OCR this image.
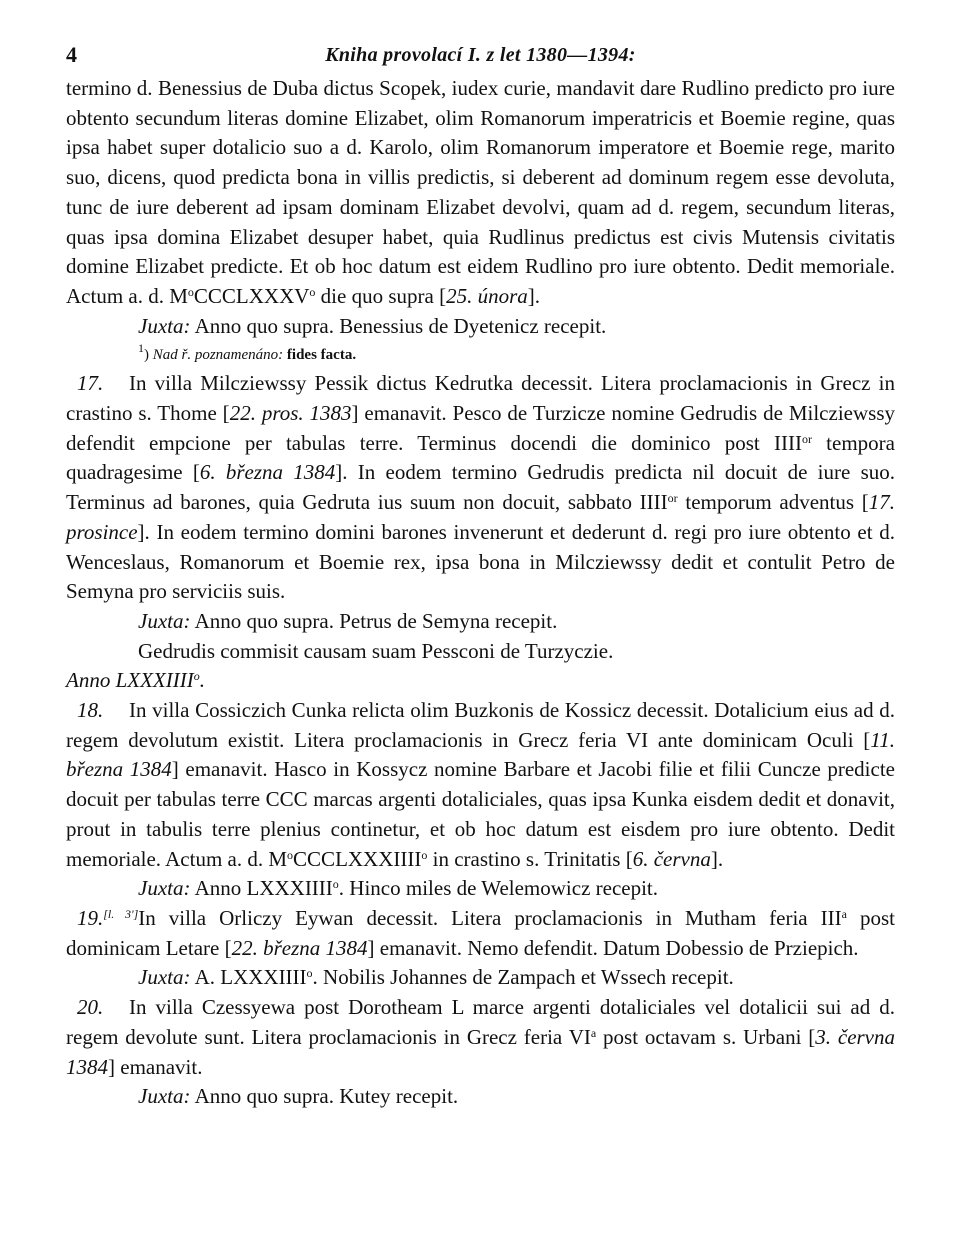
4	Kniha provolací I. z let 1380—1394:

termino d. Benessius de Duba dictus Scopek, iudex curie, mandavit dare Rudlino predicto pro iure obtento secundum literas domine Elizabet, olim Romanorum imperatricis et Boemie regine, quas ipsa habet super dotalicio suo a d. Karolo, olim Romanorum imperatore et Boemie rege, marito suo, dicens, quod predicta bona in villis predictis, si deberent ad dominum regem esse devoluta, tunc de iure deberent ad ipsam dominam Elizabet devolvi, quam ad d. regem, secundum literas, quas ipsa domina Elizabet desuper habet, quia Rudlinus predictus est civis Mutensis civitatis domine Elizabet predicte. Et ob hoc datum est eidem Rudlino pro iure obtento. Dedit memoriale. Actum a. d. $M^oCCCLXXXV^o$ die quo supra [25. února].

Juxta: Anno quo supra. Benessius de Dyetenicz recepit.

$^1$) Nad ř. poznamenáno: fides facta.

17. In villa Milcziewssy Pessik dictus Kedrutka decessit. Litera proclamacionis in Grecz in crastino s. Thome [22. pros. 1383] emanavit. Pesco de Turzicze nomine Gedrudis de Milcziewssy defendit empcione per tabulas terre. Terminus docendi die dominico post $IIII^{or}$ tempora quadragesime [6. března 1384]. In eodem termino Gedrudis predicta nil docuit de iure suo. Terminus ad barones, quia Gedruta ius suum non docuit, sabbato $IIII^{or}$ temporum adventus [17. prosince]. In eodem termino domini barones invenerunt et dederunt d. regi pro iure obtento et d. Wenceslaus, Romanorum et Boemie rex, ipsa bona in Milcziewssy dedit et contulit Petro de Semyna pro serviciis suis.

Juxta: Anno quo supra. Petrus de Semyna recepit.

Gedrudis commisit causam suam Pessconi de Turzyczie.

Anno LXXXIIII$^o$.

18. In villa Cossiczich Cunka relicta olim Buzkonis de Kossicz decessit. Dotalicium eius ad d. regem devolutum existit. Litera proclamacionis in Grecz feria VI ante dominicam Oculi [11. března 1384] emanavit. Hasco in Kossycz nomine Barbare et Jacobi filie et filii Cuncze predicte docuit per tabulas terre CCC marcas argenti dotaliciales, quas ipsa Kunka eisdem dedit et donavit, prout in tabulis terre plenius continetur, et ob hoc datum est eisdem pro iure obtento. Dedit memoriale. Actum a. d. $M^oCCCLXXXIIII^o$ in crastino s. Trinitatis [6. června].

Juxta: Anno LXXXIIII$^o$. Hinco miles de Welemowicz recepit.

19.[l. 3']In villa Orliczy Eywan decessit. Litera proclamacionis in Mutham feria III$^a$ post dominicam Letare [22. března 1384] emanavit. Nemo defendit. Datum Dobessio de Prziepich.

Juxta: A. LXXXIIII$^o$. Nobilis Johannes de Zampach et Wssech recepit.

20. In villa Czessyewa post Dorotheam L marce argenti dotaliciales vel dotalicii sui ad d. regem devolute sunt. Litera proclamacionis in Grecz feria $VI^a$ post octavam s. Urbani [3. června 1384] emanavit.

Juxta: Anno quo supra. Kutey recepit.
